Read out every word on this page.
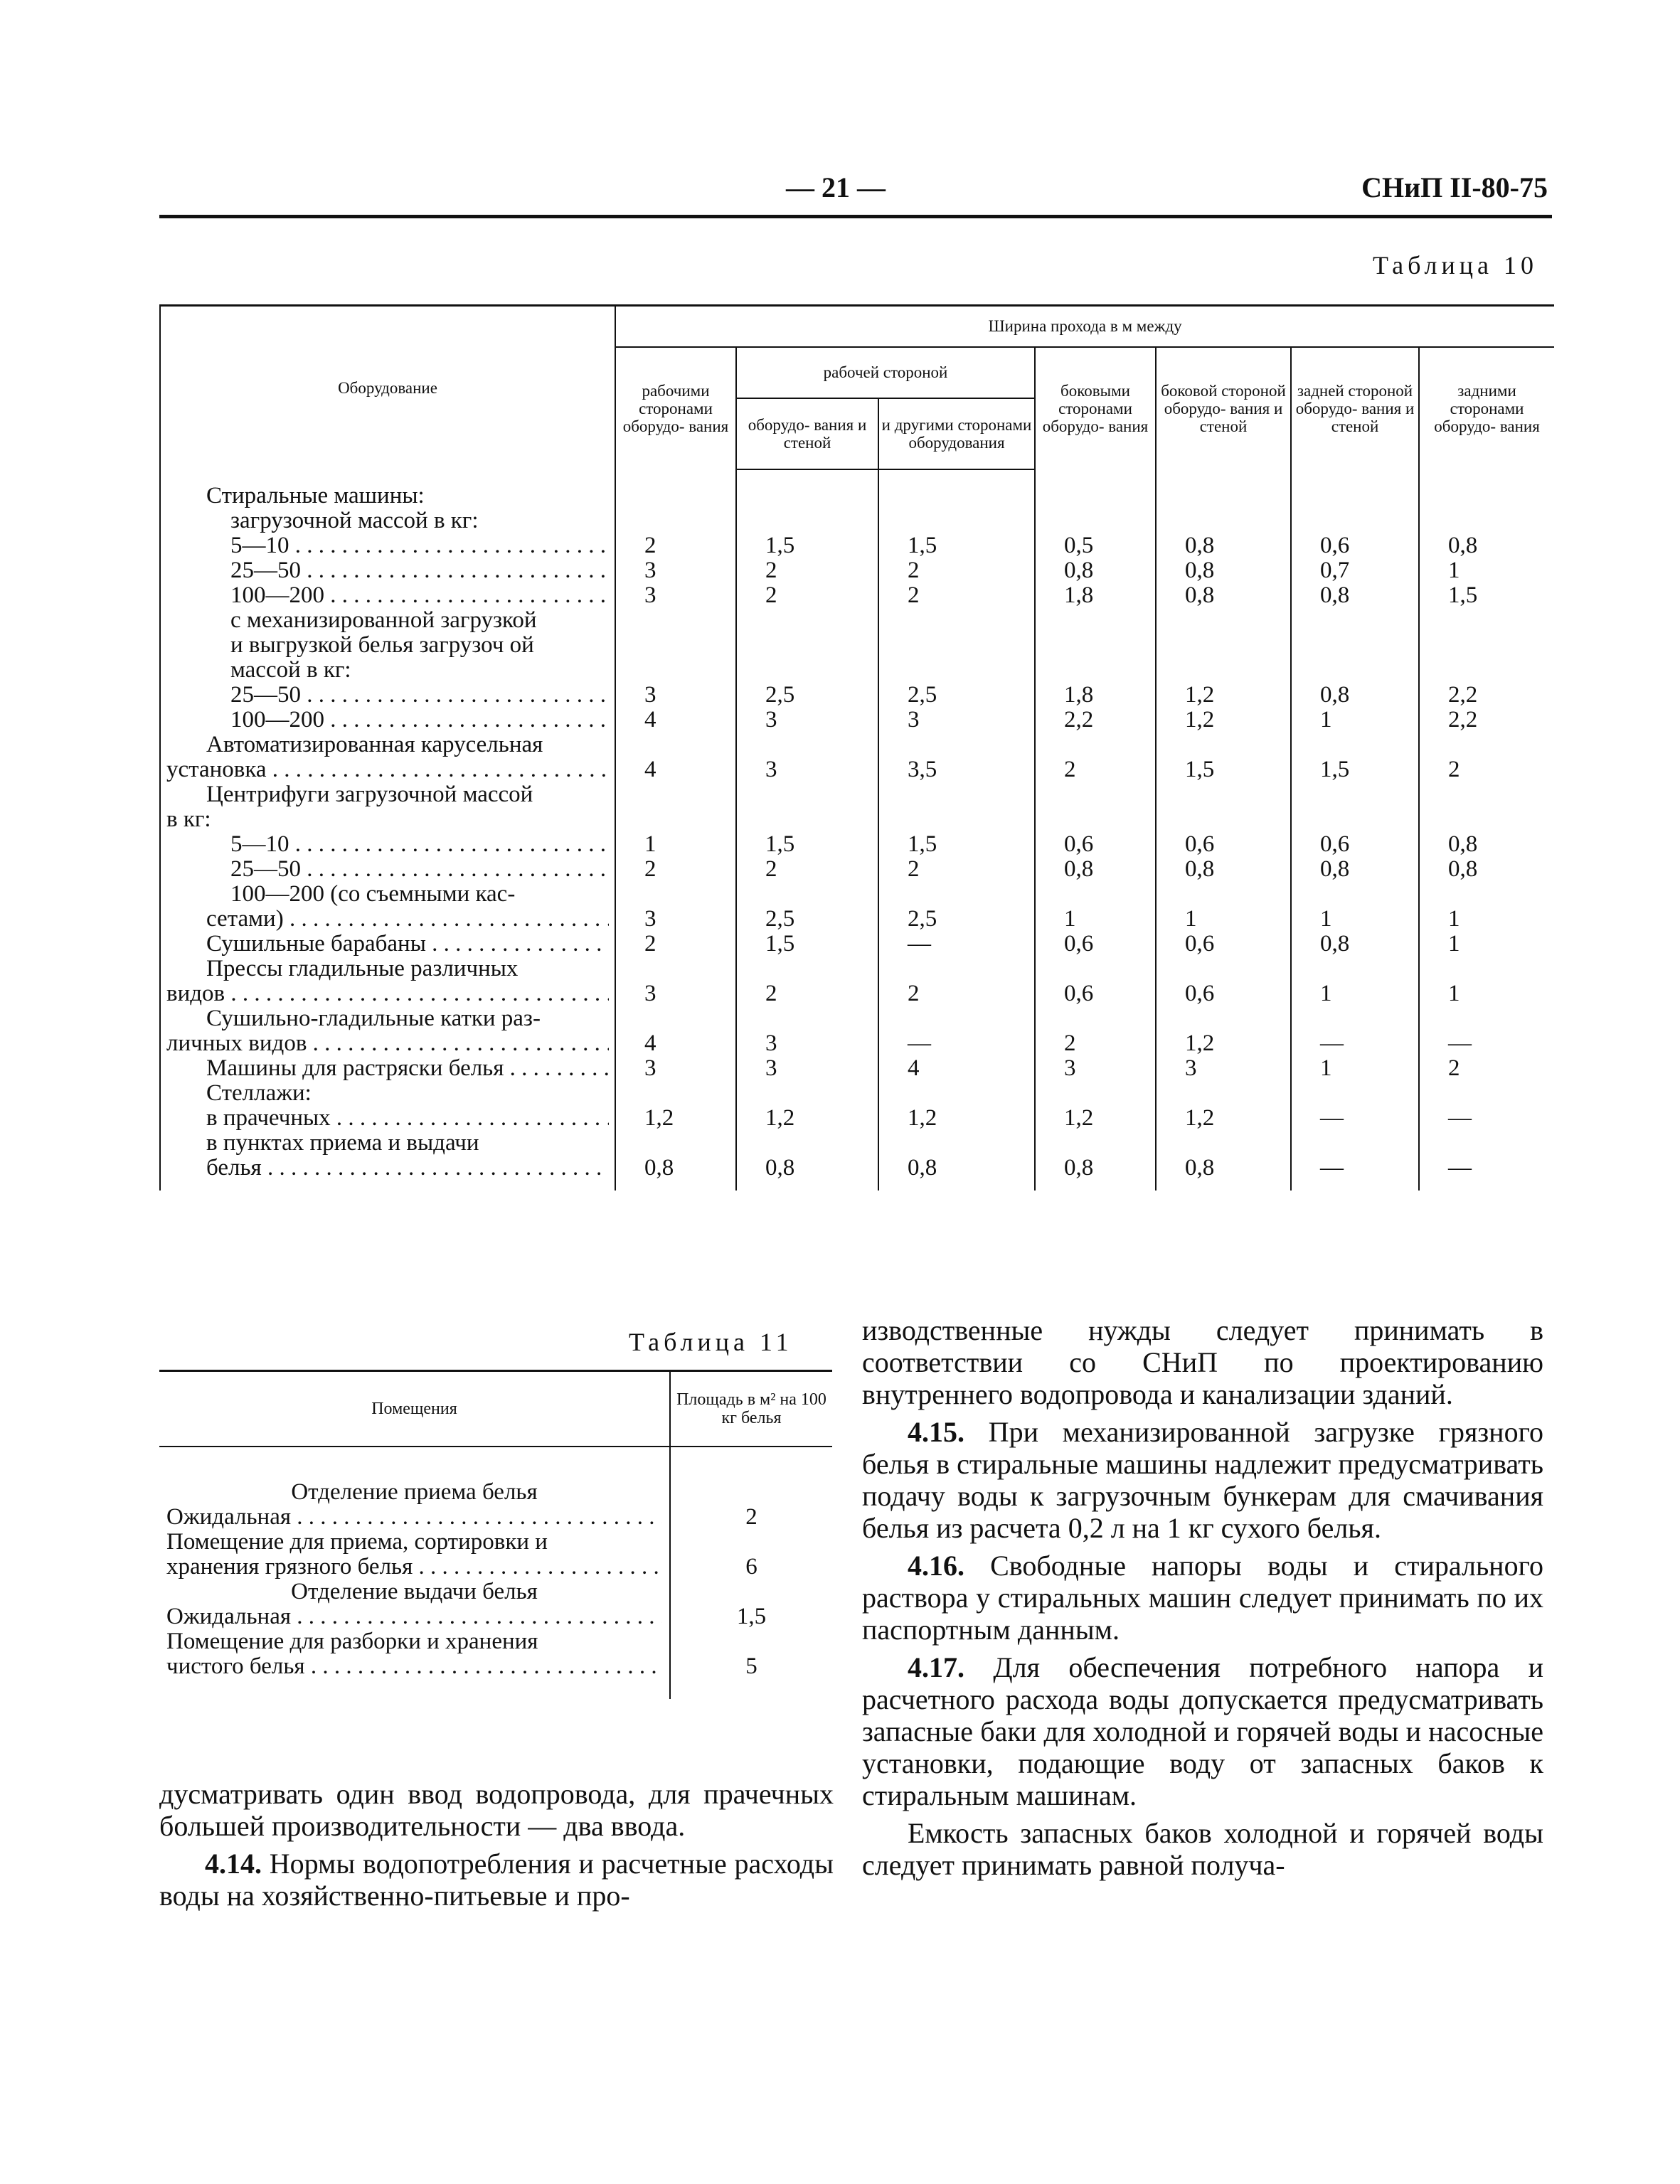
— 21 —	СНиП II-80-75
Таблица 10
Оборудование	Ширина прохода в м между						
	рабочими сторонами оборудо- вания	рабочей стороной		боковыми сторонами оборудо- вания	боковой стороной оборудо- вания и стеной	задней стороной оборудо- вания и стеной	задними сторонами оборудо- вания
		оборудо- вания и стеной	и другими сторонами оборудования				

Стиральные машины:							

загрузочной массой в кг:							

5—10 . . .	2	1,5	1,5	0,5	0,8	0,6	0,8

25—50 . . .	3	2	2	0,8	0,8	0,7	1

100—200 . . .	3	2	2	1,8	0,8	0,8	1,5

с механизированной загрузкой							

и выгрузкой белья загрузоч ой							

массой в кг:							

25—50 . . .	3	2,5	2,5	1,8	1,2	0,8	2,2

100—200 . . .	4	3	3	2,2	1,2	1	2,2

Автоматизированная карусельная							

установка . . .	4	3	3,5	2	1,5	1,5	2

Центрифуги загрузочной массой							

в кг:							

5—10 . . .	1	1,5	1,5	0,6	0,6	0,6	0,8

25—50 . . .	2	2	2	0,8	0,8	0,8	0,8

100—200 (со съемными кас-							

сетами) . . .	3	2,5	2,5	1	1	1	1

Сушильные барабаны . . .	2	1,5	—	0,6	0,6	0,8	1

Прессы гладильные различных							

видов . . .	3	2	2	0,6	0,6	1	1

Сушильно-гладильные катки раз-							

личных видов . . .	4	3	—	2	1,2	—	—

Машины для растряски белья . . .	3	3	4	3	3	1	2

Стеллажи:							

в прачечных . . .	1,2	1,2	1,2	1,2	1,2	—	—

в пунктах приема и выдачи							

белья . . .	0,8	0,8	0,8	0,8	0,8	—	—
Таблица 11
Помещения	Площадь в м² на 100 кг белья

Отделение приема белья	

Ожидальная . . .	2

Помещение для приема, сортировки и	

хранения грязного белья . . .	6

Отделение выдачи белья	

Ожидальная . . .	1,5

Помещение для разборки и хранения	

чистого белья . . .	5

дусматривать один ввод водопровода, для прачечных большей производительности — два ввода.

4.14. Нормы водопотребления и расчетные расходы воды на хозяйственно-питьевые и про-

изводственные нужды следует принимать в соответствии со СНиП по проектированию внутреннего водопровода и канализации зданий.

4.15. При механизированной загрузке грязного белья в стиральные машины надлежит предусматривать подачу воды к загрузочным бункерам для смачивания белья из расчета 0,2 л на 1 кг сухого белья.

4.16. Свободные напоры воды и стирального раствора у стиральных машин следует принимать по их паспортным данным.

4.17. Для обеспечения потребного напора и расчетного расхода воды допускается предусматривать запасные баки для холодной и горячей воды и насосные установки, подающие воду от запасных баков к стиральным машинам.

Емкость запасных баков холодной и горячей воды следует принимать равной получа-
